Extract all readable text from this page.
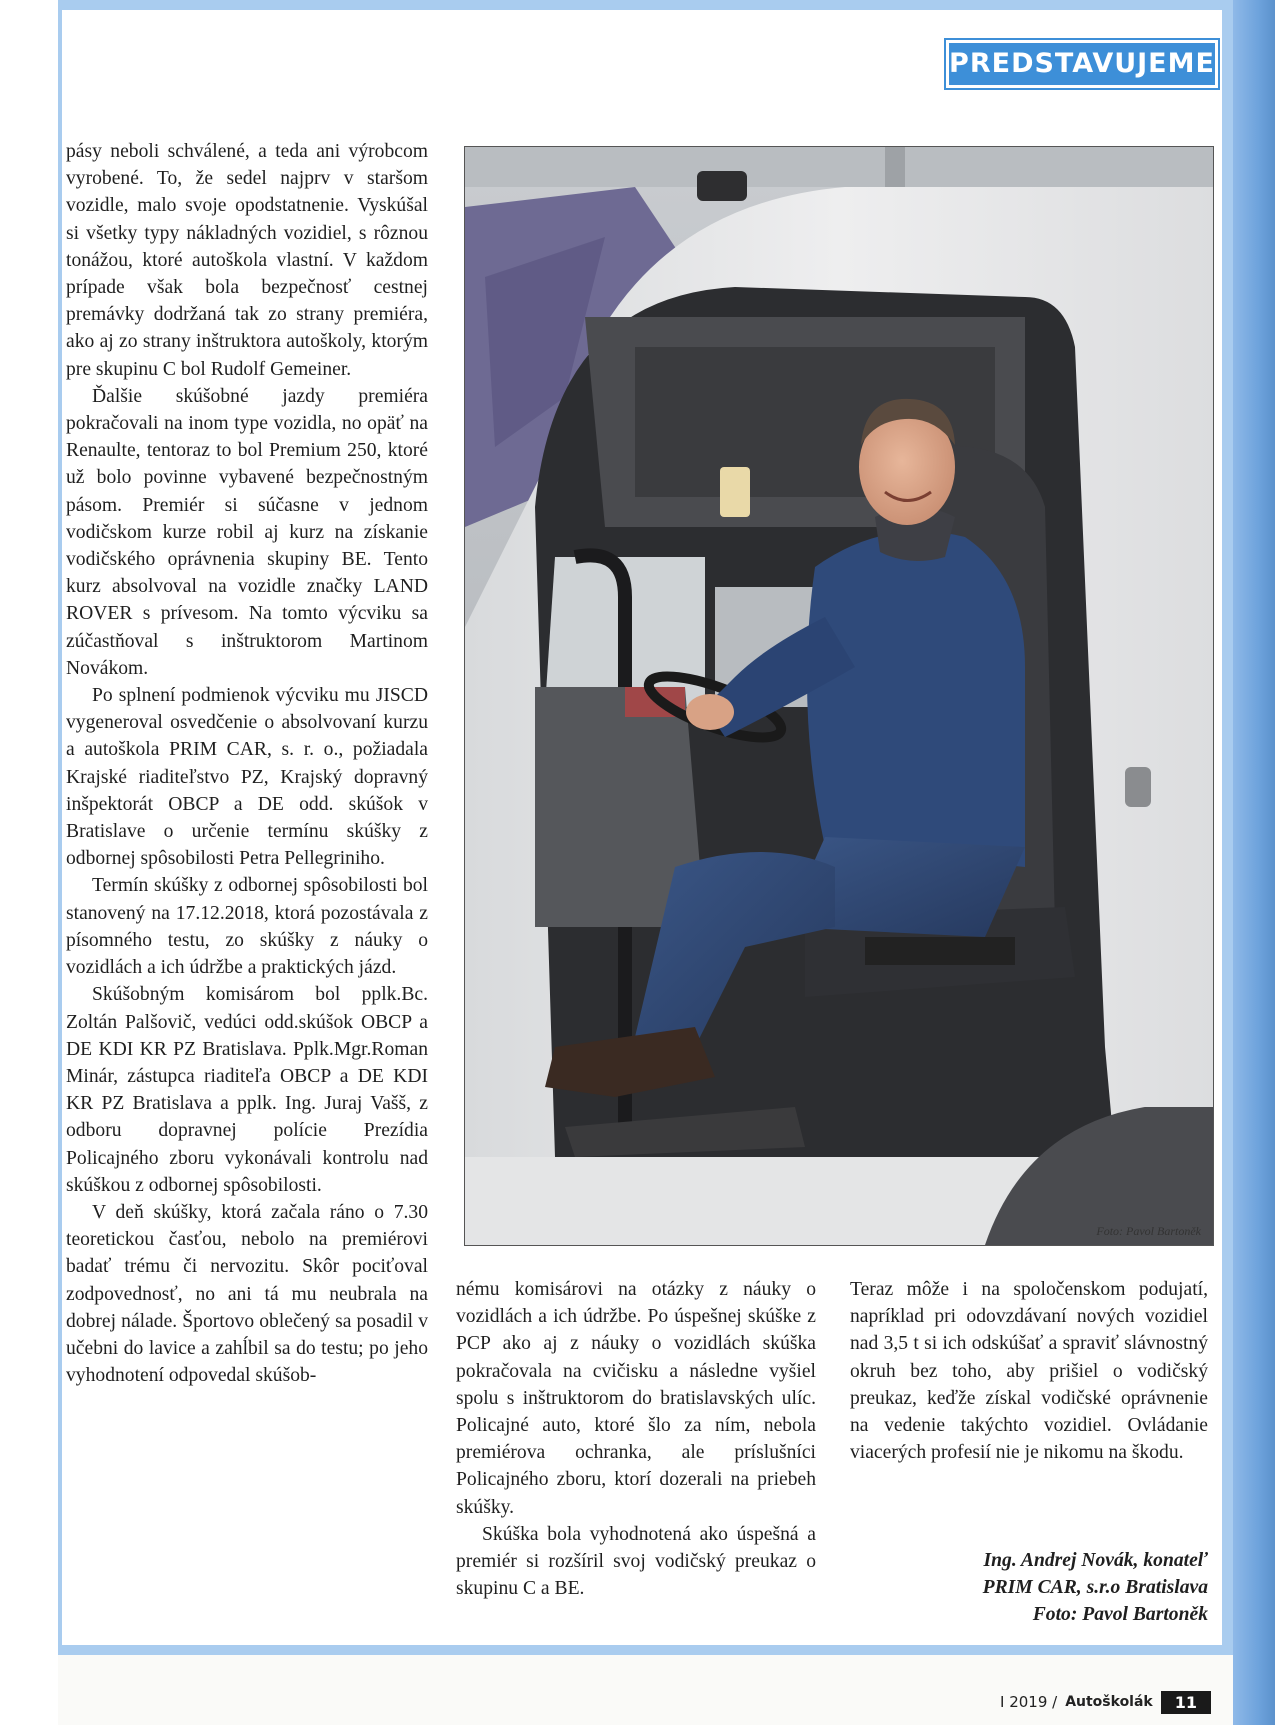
PREDSTAVUJEME

pásy neboli schválené, a teda ani výrobcom vyrobené. To, že sedel najprv v staršom vozidle, malo svoje opodstatnenie. Vyskúšal si všetky typy nákladných vozidiel, s rôznou tonážou, ktoré autoškola vlastní. V každom prípade však bola bezpečnosť cestnej premávky dodržaná tak zo strany premiéra, ako aj zo strany inštruktora autoškoly, ktorým pre skupinu C bol Rudolf Gemeiner.

Ďalšie skúšobné jazdy premiéra pokračovali na inom type vozidla, no opäť na Renaulte, tentoraz to bol Premium 250, ktoré už bolo povinne vybavené bezpečnostným pásom. Premiér si súčasne v jednom vodičskom kurze robil aj kurz na získanie vodičského oprávnenia skupiny BE. Tento kurz absolvoval na vozidle značky LAND ROVER s prívesom. Na tomto výcviku sa zúčastňoval s inštruktorom Martinom Novákom.

Po splnení podmienok výcviku mu JISCD vygeneroval osvedčenie o absolvovaní kurzu a autoškola PRIM CAR, s. r. o., požiadala Krajské riaditeľstvo PZ, Krajský dopravný inšpektorát OBCP a DE odd. skúšok v Bratislave o určenie termínu skúšky z odbornej spôsobilosti Petra Pellegriniho.

Termín skúšky z odbornej spôsobilosti bol stanovený na 17.12.2018, ktorá pozostávala z písomného testu, zo skúšky z náuky o vozidlách a ich údržbe a praktických jázd.

Skúšobným komisárom bol pplk.Bc. Zoltán Palšovič, vedúci odd.skúšok OBCP a DE KDI KR PZ Bratislava. Pplk.Mgr.Roman Minár, zástupca riaditeľa OBCP a DE KDI KR PZ Bratislava a pplk. Ing. Juraj Vašš, z odboru dopravnej polície Prezídia Policajného zboru vykonávali kontrolu nad skúškou z odbornej spôsobilosti.

V deň skúšky, ktorá začala ráno o 7.30 teoretickou časťou, nebolo na premiérovi badať trému či nervozitu. Skôr pociťoval zodpovednosť, no ani tá mu neubrala na dobrej nálade. Športovo oblečený sa posadil v učebni do lavice a zahĺbil sa do testu; po jeho vyhodnotení odpovedal skúšob-

Foto: Pavol Bartoněk

nému komisárovi na otázky z náuky o vozidlách a ich údržbe. Po úspešnej skúške z PCP ako aj z náuky o vozidlách skúška pokračovala na cvičisku a následne vyšiel spolu s inštruktorom do bratislavských ulíc. Policajné auto, ktoré šlo za ním, nebola premiérova ochranka, ale príslušníci Policajného zboru, ktorí dozerali na priebeh skúšky.

Skúška bola vyhodnotená ako úspešná a premiér si rozšíril svoj vodičský preukaz o skupinu C a BE.

Teraz môže i na spoločenskom podujatí, napríklad pri odovzdávaní nových vozidiel nad 3,5 t si ich odskúšať a spraviť slávnostný okruh bez toho, aby prišiel o vodičský preukaz, keďže získal vodičské oprávnenie na vedenie takýchto vozidiel. Ovládanie viacerých profesií nie je nikomu na škodu.

Ing. Andrej Novák, konateľ
PRIM CAR, s.r.o Bratislava
Foto: Pavol Bartoněk
I 2019 / Autoškolák	11
